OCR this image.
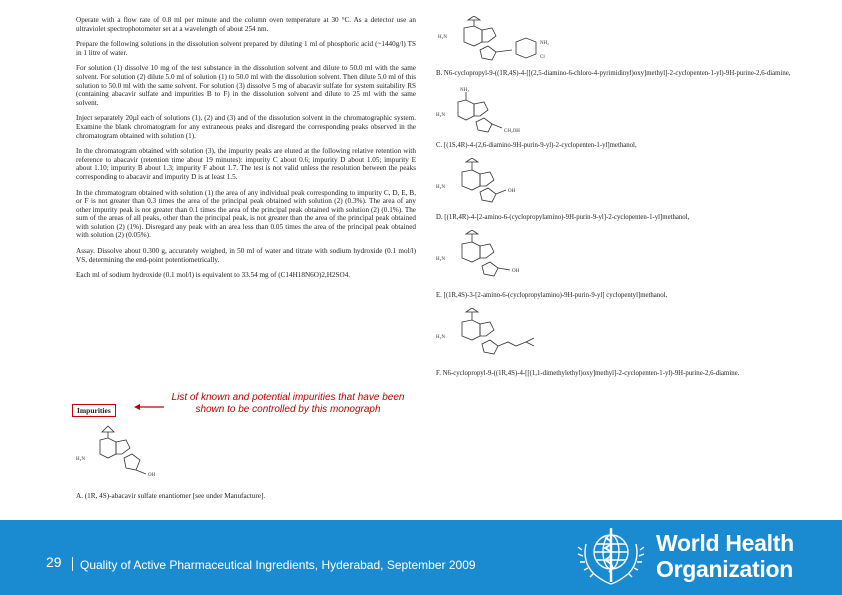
Operate with a flow rate of 0.8 ml per minute and the column oven temperature at 30 °C. As a detector use an ultraviolet spectrophotometer set at a wavelength of about 254 nm.

Prepare the following solutions in the dissolution solvent prepared by diluting 1 ml of phosphoric acid (~1440g/l) TS in 1 litre of water.

For solution (1) dissolve 10 mg of the test substance in the dissolution solvent and dilute to 50.0 ml with the same solvent. For solution (2) dilute 5.0 ml of solution (1) to 50.0 ml with the dissolution solvent. Then dilute 5.0 ml of this solution to 50.0 ml with the same solvent. For solution (3) dissolve 5 mg of abacavir sulfate for system suitability RS (containing abacavir sulfate and impurities B to F) in the dissolution solvent and dilute to 25 ml with the same solvent.

Inject separately 20µl each of solutions (1), (2) and (3) and of the dissolution solvent in the chromatographic system. Examine the blank chromatogram for any extraneous peaks and disregard the corresponding peaks observed in the chromatogram obtained with solution (1).

In the chromatogram obtained with solution (3), the impurity peaks are eluted at the following relative retention with reference to abacavir (retention time about 19 minutes): impurity C about 0.6; impurity D about 1.05; impurity E about 1.10; impurity B about 1.3; impurity F about 1.7. The test is not valid unless the resolution between the peaks corresponding to abacavir and impurity D is at least 1.5.

In the chromatogram obtained with solution (1) the area of any individual peak corresponding to impurity C, D, E, B, or F is not greater than 0.3 times the area of the principal peak obtained with solution (2) (0.3%). The area of any other impurity peak is not greater than 0.1 times the area of the principal peak obtained with solution (2) (0.1%). The sum of the areas of all peaks, other than the principal peak, is not greater than the area of the principal peak obtained with solution (2) (1%). Disregard any peak with an area less than 0.05 times the area of the principal peak obtained with solution (2) (0.05%).

Assay. Dissolve about 0.300 g, accurately weighed, in 50 ml of water and titrate with sodium hydroxide (0.1 mol/l) VS, determining the end-point potentiometrically.

Each ml of sodium hydroxide (0.1 mol/l) is equivalent to 33.54 mg of (C14H18N6O)2,H2SO4.

Impurities
List of known and potential impurities that have been shown to be controlled by this monograph
H₂N
OH
A. (1R, 4S)-abacavir sulfate enantiomer [see under Manufacture].
H₂N
NH₂
Cl

B. N6-cyclopropyl-9-((1R,4S)-4-[[(2,5-diamino-6-chloro-4-pyrimidinyl)oxy]methyl]-2-cyclopenten-1-yl)-9H-purine-2,6-diamine,

NH₂
H₂N
CH₂OH

C. [(1S,4R)-4-(2,6-diamino-9H-purin-9-yl)-2-cyclopenten-1-yl]methanol,

H₂N
OH

D. [(1R,4R)-4-[2-amino-6-(cyclopropylamino)-9H-purin-9-yl]-2-cyclopenten-1-yl]methanol,

H₂N
OH

E. [(1R,4S)-3-[2-amino-6-(cyclopropylamino)-9H-purin-9-yl] cyclopentyl]methanol,

H₂N

F. N6-cyclopropyl-9-((1R,4S)-4-[[(1,1-dimethylethyl)oxy]methyl]-2-cyclopenten-1-yl)-9H-purine-2,6-diamine.

29 Quality of Active Pharmaceutical Ingredients, Hyderabad, September 2009
World Health
Organization
